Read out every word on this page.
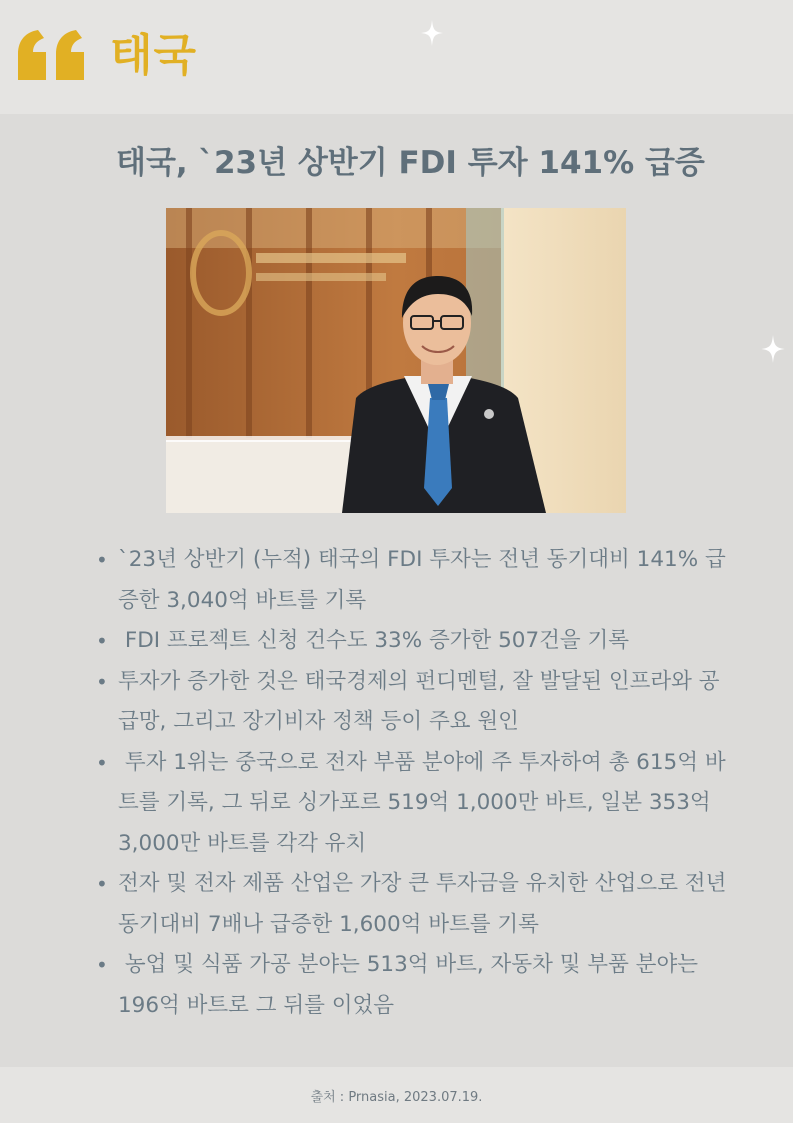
태국
태국, `23년 상반기 FDI 투자 141% 급증
• `23년 상반기 (누적) 태국의 FDI 투자는 전년 동기대비 141% 급증한 3,040억 바트를 기록
• FDI 프로젝트 신청 건수도 33% 증가한 507건을 기록
• 투자가 증가한 것은 태국경제의 펀디멘털, 잘 발달된 인프라와 공급망, 그리고 장기비자 정책 등이 주요 원인
• 투자 1위는 중국으로 전자 부품 분야에 주 투자하여 총 615억 바트를 기록, 그 뒤로 싱가포르 519억 1,000만 바트, 일본 353억 3,000만 바트를 각각 유치
• 전자 및 전자 제품 산업은 가장 큰 투자금을 유치한 산업으로 전년 동기대비 7배나 급증한 1,600억 바트를 기록
• 농업 및 식품 가공 분야는 513억 바트, 자동차 및 부품 분야는 196억 바트로 그 뒤를 이었음
출처 : Prnasia, 2023.07.19.
